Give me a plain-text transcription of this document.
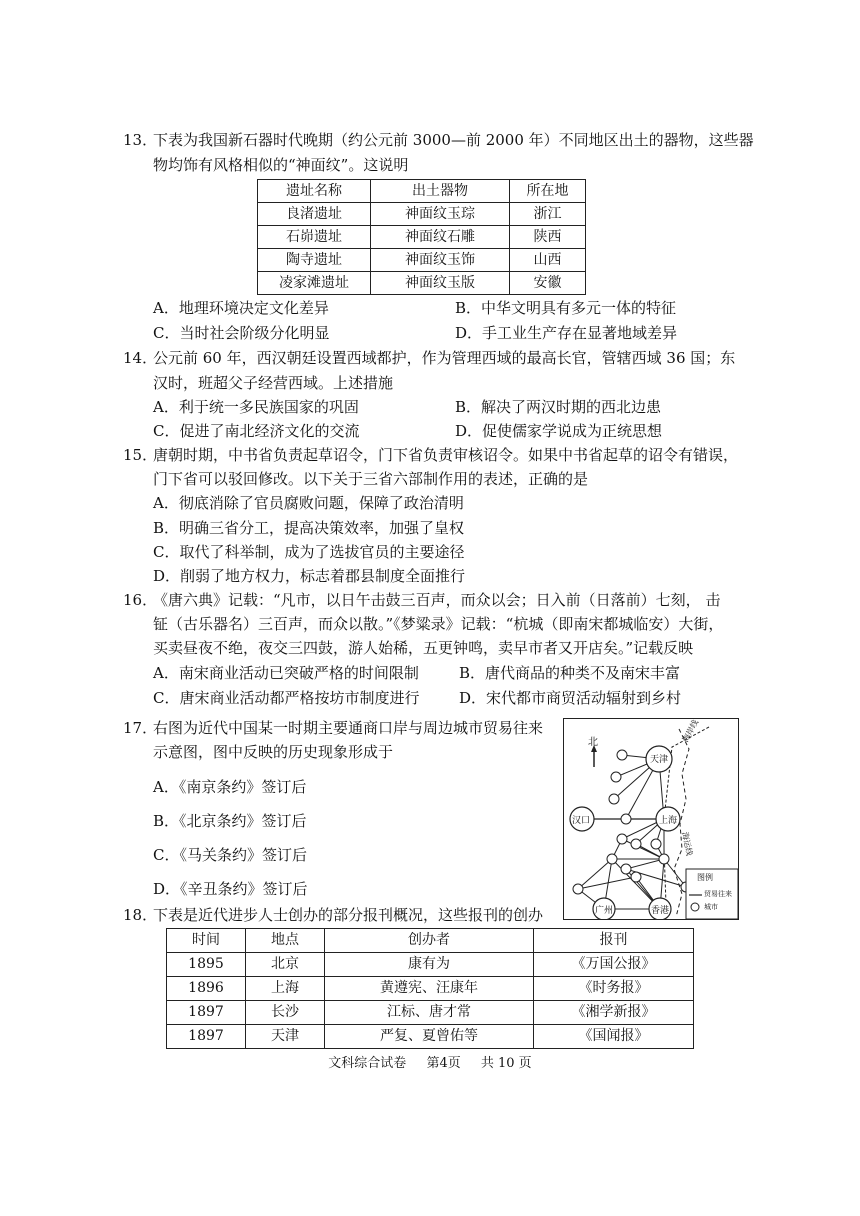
13．
下表为我国新石器时代晚期（约公元前 3000—前 2000 年）不同地区出土的器物，这些器
物均饰有风格相似的“神面纹”。这说明
遗址名称	出土器物	所在地
良渚遗址	神面纹玉琮	浙江
石峁遗址	神面纹石雕	陕西
陶寺遗址	神面纹玉饰	山西
凌家滩遗址	神面纹玉版	安徽
A．地理环境决定文化差异	B．中华文明具有多元一体的特征
C．当时社会阶级分化明显	D．手工业生产存在显著地域差异
14．
公元前 60 年，西汉朝廷设置西域都护，作为管理西域的最高长官，管辖西域 36 国；东
汉时，班超父子经营西域。上述措施
A．利于统一多民族国家的巩固	B．解决了两汉时期的西北边患
C．促进了南北经济文化的交流	D．促使儒家学说成为正统思想
15．
唐朝时期，中书省负责起草诏令，门下省负责审核诏令。如果中书省起草的诏令有错误，
门下省可以驳回修改。以下关于三省六部制作用的表述，正确的是
A．彻底消除了官员腐败问题，保障了政治清明
B．明确三省分工，提高决策效率，加强了皇权
C．取代了科举制，成为了选拔官员的主要途径
D．削弱了地方权力，标志着郡县制度全面推行
16．
《唐六典》记载：“凡市，以日午击鼓三百声，而众以会；日入前（日落前）七刻， 击
钲（古乐器名）三百声，而众以散。”《梦粱录》记载：“杭城（即南宋都城临安）大街，
买卖昼夜不绝，夜交三四鼓，游人始稀，五更钟鸣，卖早市者又开店矣。”记载反映
A．南宋商业活动已突破严格的时间限制	B．唐代商品的种类不及南宋丰富
C．唐宋商业活动都严格按坊市制度进行	D．宋代都市商贸活动辐射到乡村
17．
右图为近代中国某一时期主要通商口岸与周边城市贸易往来
示意图，图中反映的历史现象形成于
A．《南京条约》签订后
B．《北京条约》签订后
C．《马关条约》签订后
D．《辛丑条约》签订后
北
天津
汉口	上海
广州	香港
海岸线
海运线
图例
贸易往来
城市
18．
下表是近代进步人士创办的部分报刊概况，这些报刊的创办
时间	地点	创办者	报刊
1895	北京	康有为	《万国公报》
1896	上海	黄遵宪、汪康年	《时务报》
1897	长沙	江标、唐才常	《湘学新报》
1897	天津	严复、夏曾佑等	《国闻报》
文科综合试卷 第4页 共 10 页
